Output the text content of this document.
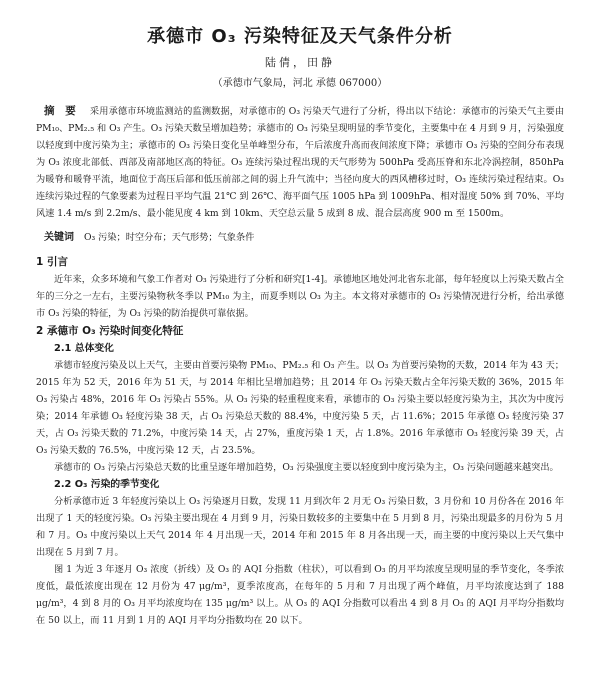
承德市 O₃ 污染特征及天气条件分析
陆倩，田静
（承德市气象局，河北 承德 067000）

摘　要 采用承德市环境监测站的监测数据，对承德市的 O₃ 污染天气进行了分析，得出以下结论：承德市的污染天气主要由 PM₁₀、PM₂.₅ 和 O₃ 产生。O₃ 污染天数呈增加趋势；承德市的 O₃ 污染呈现明显的季节变化，主要集中在 4 月到 9 月，污染强度以轻度到中度污染为主；承德市的 O₃ 污染日变化呈单峰型分布，午后浓度升高而夜间浓度下降；承德市 O₃ 污染的空间分布表现为 O₃ 浓度北部低、西部及南部地区高的特征。O₃ 连续污染过程出现的天气形势为 500hPa 受高压脊和东北冷涡控制，850hPa 为暖脊和暖脊平流，地面位于高压后部和低压前部之间的弱上升气流中；当径向度大的西风槽移过时，O₃ 连续污染过程结束。O₃ 连续污染过程的气象要素为过程日平均气温 21℃ 到 26℃、海平面气压 1005 hPa 到 1009hPa、相对湿度 50% 到 70%、平均风速 1.4 m/s 到 2.2m/s、最小能见度 4 km 到 10km、天空总云量 5 成到 8 成、混合层高度 900 m 至 1500m。

关键词 O₃ 污染；时空分布；天气形势；气象条件

1 引言

近年来，众多环境和气象工作者对 O₃ 污染进行了分析和研究[1-4]。承德地区地处河北省东北部，每年轻度以上污染天数占全年的三分之一左右，主要污染物秋冬季以 PM₁₀ 为主，而夏季则以 O₃ 为主。本文将对承德市的 O₃ 污染情况进行分析，给出承德市 O₃ 污染的特征，为 O₃ 污染的防治提供可靠依据。

2 承德市 O₃ 污染时间变化特征
2.1 总体变化

承德市轻度污染及以上天气，主要由首要污染物 PM₁₀、PM₂.₅ 和 O₃ 产生。以 O₃ 为首要污染物的天数，2014 年为 43 天；2015 年为 52 天，2016 年为 51 天，与 2014 年相比呈增加趋势；且 2014 年 O₃ 污染天数占全年污染天数的 36%，2015 年 O₃ 污染占 48%，2016 年 O₃ 污染占 55%。从 O₃ 污染的轻重程度来看，承德市的 O₃ 污染主要以轻度污染为主，其次为中度污染；2014 年承德 O₃ 轻度污染 38 天，占 O₃ 污染总天数的 88.4%，中度污染 5 天，占 11.6%；2015 年承德 O₃ 轻度污染 37 天，占 O₃ 污染天数的 71.2%，中度污染 14 天，占 27%，重度污染 1 天，占 1.8%。2016 年承德市 O₃ 轻度污染 39 天，占 O₃ 污染天数的 76.5%，中度污染 12 天，占 23.5%。

承德市的 O₃ 污染占污染总天数的比重呈逐年增加趋势，O₃ 污染强度主要以轻度到中度污染为主，O₃ 污染问题越来越突出。

2.2 O₃ 污染的季节变化

分析承德市近 3 年轻度污染以上 O₃ 污染逐月日数，发现 11 月到次年 2 月无 O₃ 污染日数，3 月份和 10 月份各在 2016 年出现了 1 天的轻度污染。O₃ 污染主要出现在 4 月到 9 月，污染日数较多的主要集中在 5 月到 8 月，污染出现最多的月份为 5 月和 7 月。O₃ 中度污染以上天气 2014 年 4 月出现一天，2014 年和 2015 年 8 月各出现一天，而主要的中度污染以上天气集中出现在 5 月到 7 月。

图 1 为近 3 年逐月 O₃ 浓度（折线）及 O₃ 的 AQI 分指数（柱状），可以看到 O₃ 的月平均浓度呈现明显的季节变化，冬季浓度低，最低浓度出现在 12 月份为 47 μg/m³，夏季浓度高，在每年的 5 月和 7 月出现了两个峰值，月平均浓度达到了 188 μg/m³，4 到 8 月的 O₃ 月平均浓度均在 135 μg/m³ 以上。从 O₃ 的 AQI 分指数可以看出 4 到 8 月 O₃ 的 AQI 月平均分指数均在 50 以上，而 11 月到 1 月的 AQI 月平均分指数均在 20 以下。
